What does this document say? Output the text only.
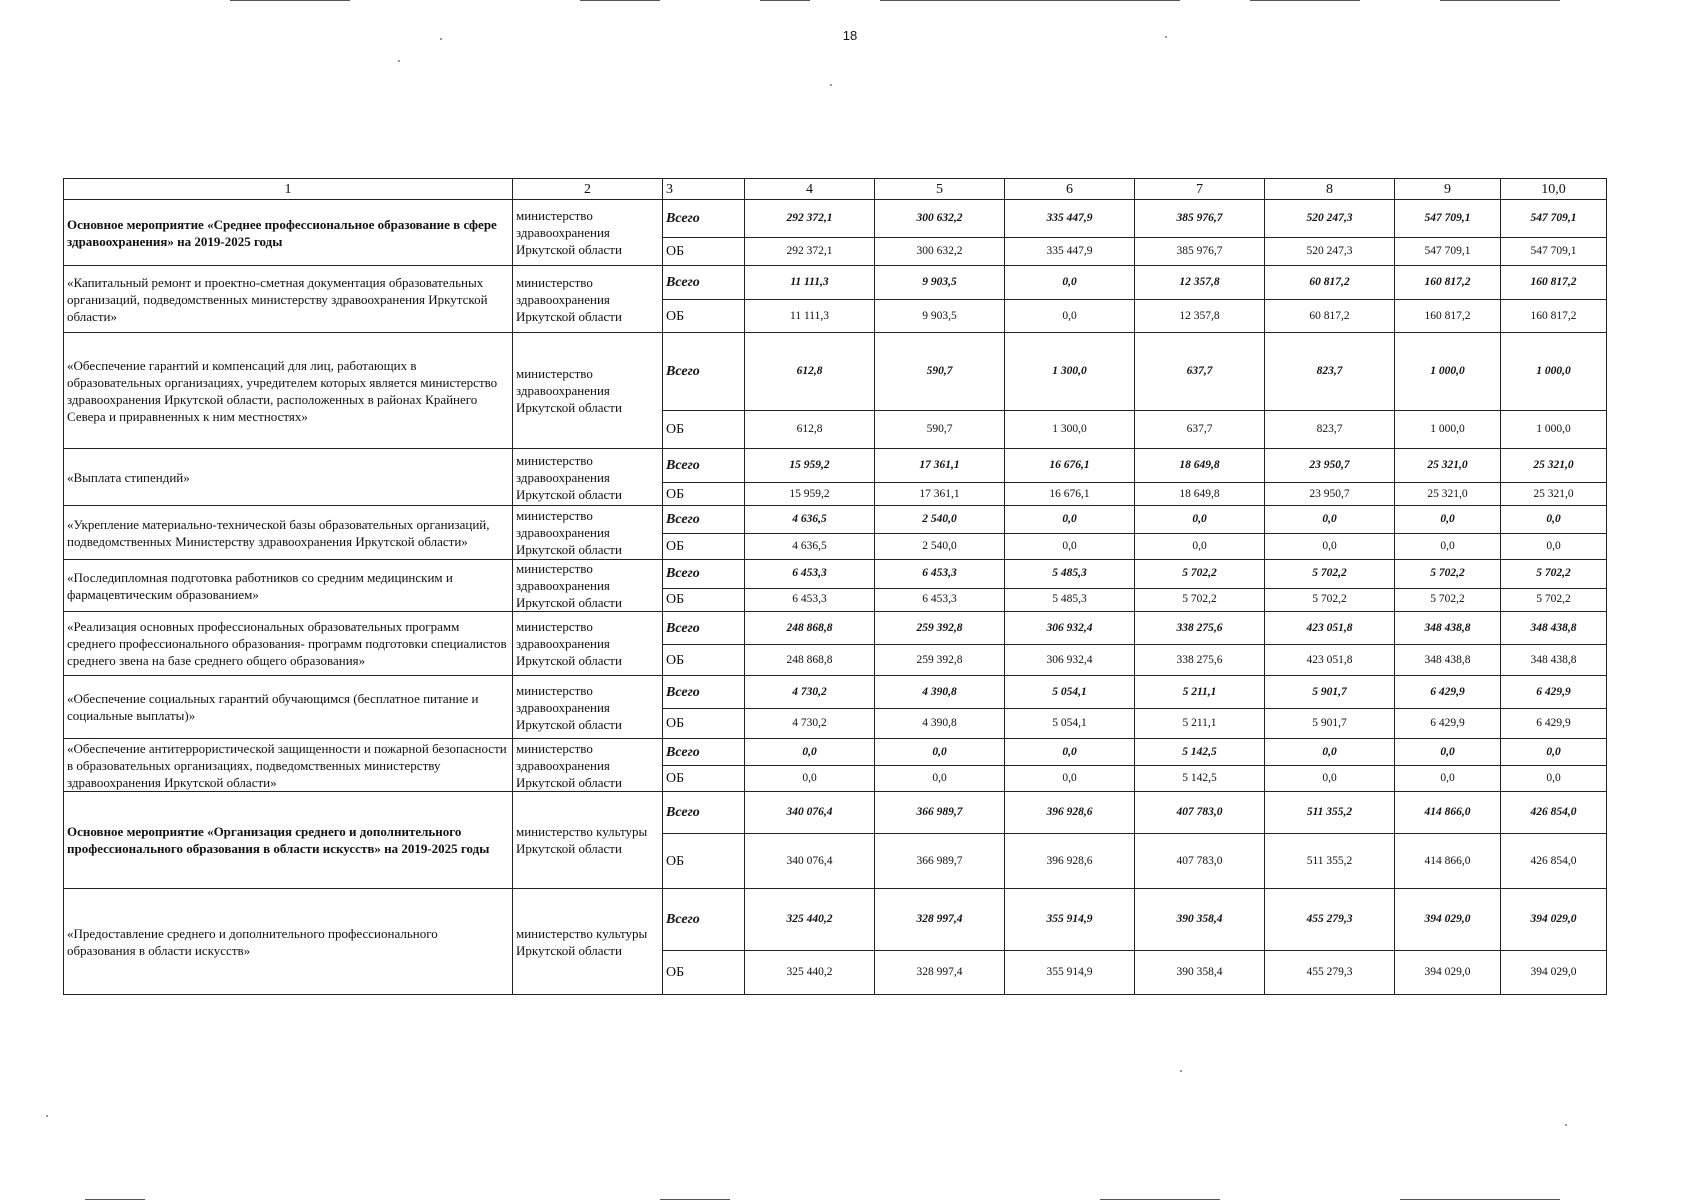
18
1	2	3	4	5	6	7	8	9	10,0
Основное мероприятие «Среднее профессиональное образование в сфере здравоохранения» на 2019-2025 годы	министерство здравоохранения Иркутской области	Всего	292 372,1	300 632,2	335 447,9	385 976,7	520 247,3	547 709,1	547 709,1
		ОБ	292 372,1	300 632,2	335 447,9	385 976,7	520 247,3	547 709,1	547 709,1
«Капитальный ремонт и проектно-сметная документация образовательных организаций, подведомственных министерству здравоохранения Иркутской области»	министерство здравоохранения Иркутской области	Всего	11 111,3	9 903,5	0,0	12 357,8	60 817,2	160 817,2	160 817,2
		ОБ	11 111,3	9 903,5	0,0	12 357,8	60 817,2	160 817,2	160 817,2
«Обеспечение гарантий и компенсаций для лиц, работающих в образовательных организациях, учредителем которых является министерство здравоохранения Иркутской области, расположенных в районах Крайнего Севера и приравненных к ним местностях»	министерство здравоохранения Иркутской области	Всего	612,8	590,7	1 300,0	637,7	823,7	1 000,0	1 000,0
		ОБ	612,8	590,7	1 300,0	637,7	823,7	1 000,0	1 000,0
«Выплата стипендий»	министерство здравоохранения Иркутской области	Всего	15 959,2	17 361,1	16 676,1	18 649,8	23 950,7	25 321,0	25 321,0
		ОБ	15 959,2	17 361,1	16 676,1	18 649,8	23 950,7	25 321,0	25 321,0
«Укрепление материально-технической базы образовательных организаций, подведомственных Министерству здравоохранения Иркутской области»	министерство здравоохранения Иркутской области	Всего	4 636,5	2 540,0	0,0	0,0	0,0	0,0	0,0
		ОБ	4 636,5	2 540,0	0,0	0,0	0,0	0,0	0,0
«Последипломная подготовка работников со средним медицинским и фармацевтическим образованием»	министерство здравоохранения Иркутской области	Всего	6 453,3	6 453,3	5 485,3	5 702,2	5 702,2	5 702,2	5 702,2
		ОБ	6 453,3	6 453,3	5 485,3	5 702,2	5 702,2	5 702,2	5 702,2
«Реализация основных профессиональных образовательных программ среднего профессионального образования- программ подготовки специалистов среднего звена на базе среднего общего образования»	министерство здравоохранения Иркутской области	Всего	248 868,8	259 392,8	306 932,4	338 275,6	423 051,8	348 438,8	348 438,8
		ОБ	248 868,8	259 392,8	306 932,4	338 275,6	423 051,8	348 438,8	348 438,8
«Обеспечение социальных гарантий обучающимся (бесплатное питание и социальные выплаты)»	министерство здравоохранения Иркутской области	Всего	4 730,2	4 390,8	5 054,1	5 211,1	5 901,7	6 429,9	6 429,9
		ОБ	4 730,2	4 390,8	5 054,1	5 211,1	5 901,7	6 429,9	6 429,9
«Обеспечение антитеррористической защищенности и пожарной безопасности в образовательных организациях, подведомственных министерству здравоохранения Иркутской области»	министерство здравоохранения Иркутской области	Всего	0,0	0,0	0,0	5 142,5	0,0	0,0	0,0
		ОБ	0,0	0,0	0,0	5 142,5	0,0	0,0	0,0
Основное мероприятие «Организация среднего и дополнительного профессионального образования в области искусств» на 2019-2025 годы	министерство культуры Иркутской области	Всего	340 076,4	366 989,7	396 928,6	407 783,0	511 355,2	414 866,0	426 854,0
		ОБ	340 076,4	366 989,7	396 928,6	407 783,0	511 355,2	414 866,0	426 854,0
«Предоставление среднего и дополнительного профессионального образования в области искусств»	министерство культуры Иркутской области	Всего	325 440,2	328 997,4	355 914,9	390 358,4	455 279,3	394 029,0	394 029,0
		ОБ	325 440,2	328 997,4	355 914,9	390 358,4	455 279,3	394 029,0	394 029,0
